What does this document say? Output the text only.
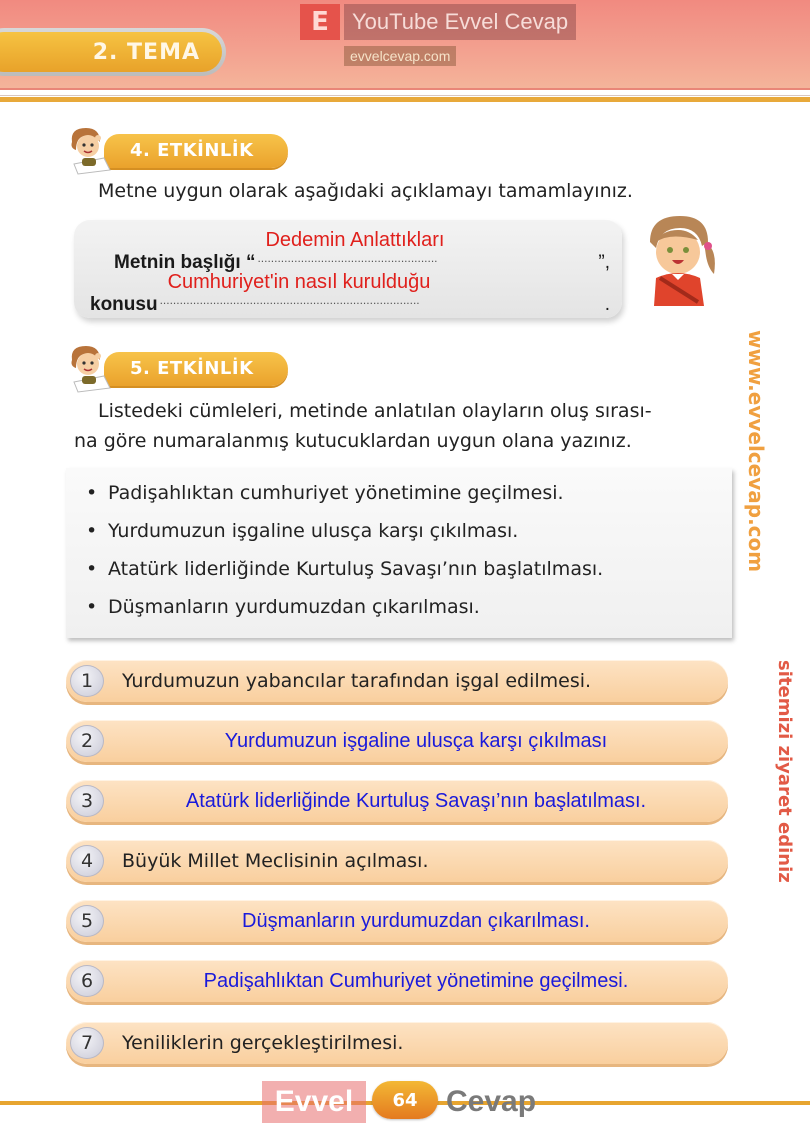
2. TEMA
E	YouTube Evvel Cevap
evvelcevap.com
4. ETKİNLİK
Metne uygun olarak aşağıdaki açıklamayı tamamlayınız.
Metnin başlığı “
Dedemin Anlattıkları
......................................................	”,
konusu
Cumhuriyet'in nasıl kurulduğu
..............................................................................	.
5. ETKİNLİK
Listedeki cümleleri, metinde anlatılan olayların oluş sırası-
na göre numaralanmış kutucuklardan uygun olana yazınız.
• Padişahlıktan cumhuriyet yönetimine geçilmesi.
• Yurdumuzun işgaline ulusça karşı çıkılması.
• Atatürk liderliğinde Kurtuluş Savaşı’nın başlatılması.
• Düşmanların yurdumuzdan çıkarılması.
1	Yurdumuzun yabancılar tarafından işgal edilmesi.
2	Yurdumuzun işgaline ulusça karşı çıkılması
3	Atatürk liderliğinde Kurtuluş Savaşı’nın başlatılması.
4	Büyük Millet Meclisinin açılması.
5	Düşmanların yurdumuzdan çıkarılması.
6	Padişahlıktan Cumhuriyet yönetimine geçilmesi.
7	Yeniliklerin gerçekleştirilmesi.
www.evvelcevap.com
sitemizi ziyaret ediniz
Evvel	64 Cevap
